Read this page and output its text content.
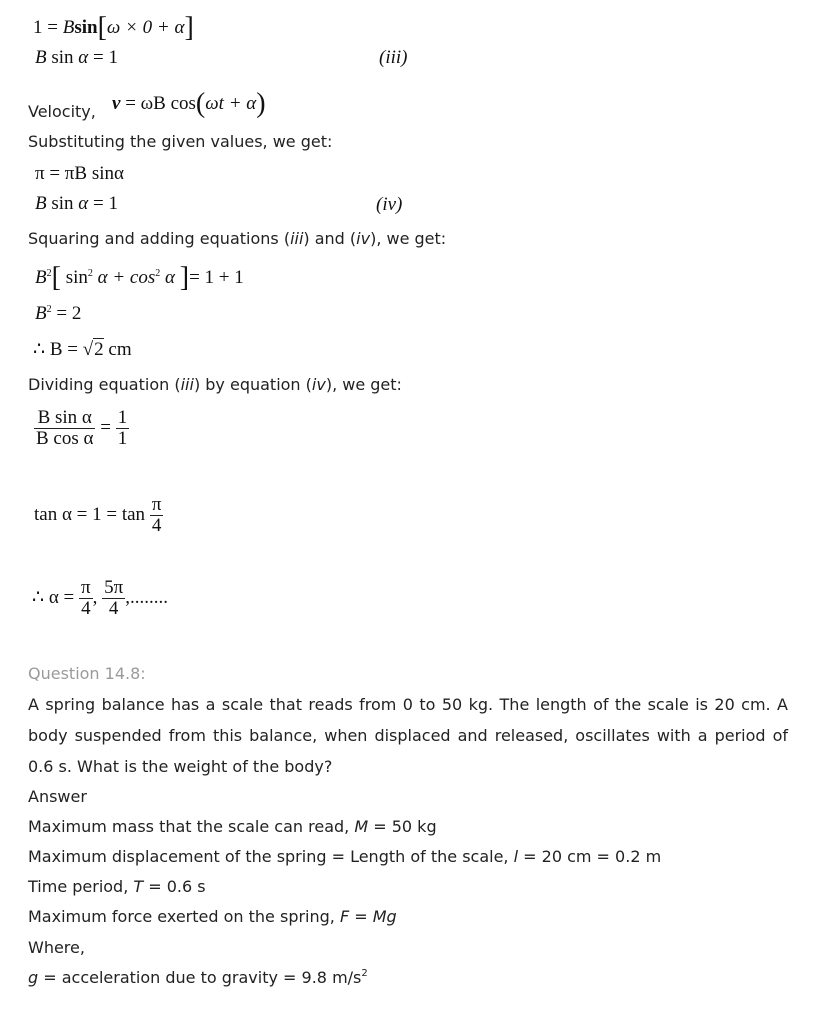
1 = Bsin[ω × 0 + α]
B sin α = 1	(iii)
Velocity, v = ωB cos(ωt + α)
Substituting the given values, we get:
π = πB sinα
B sin α = 1	(iv)
Squaring and adding equations (iii) and (iv), we get:
$B^2$[ $\sin^2 \alpha + \cos^2 \alpha$ ]= 1 + 1
$B^2 = 2$
∴ B = √2 cm
Dividing equation (iii) by equation (iv), we get:
$\frac{\text{B sin α}}{\text{B cos α}} = \frac{1}{1}$
$\tan \alpha = 1 = \tan \frac{\pi}{4}$
∴ $\alpha = \frac{\pi}{4}$ , $\frac{5\pi}{4}$ ,........
Question 14.8:
A spring balance has a scale that reads from 0 to 50 kg. The length of the scale is 20 cm. A body suspended from this balance, when displaced and released, oscillates with a period of 0.6 s. What is the weight of the body?
Answer
Maximum mass that the scale can read, M = 50 kg
Maximum displacement of the spring = Length of the scale, l = 20 cm = 0.2 m
Time period, T = 0.6 s
Maximum force exerted on the spring, F = Mg
Where,
g = acceleration due to gravity = 9.8 $m/s^2$
